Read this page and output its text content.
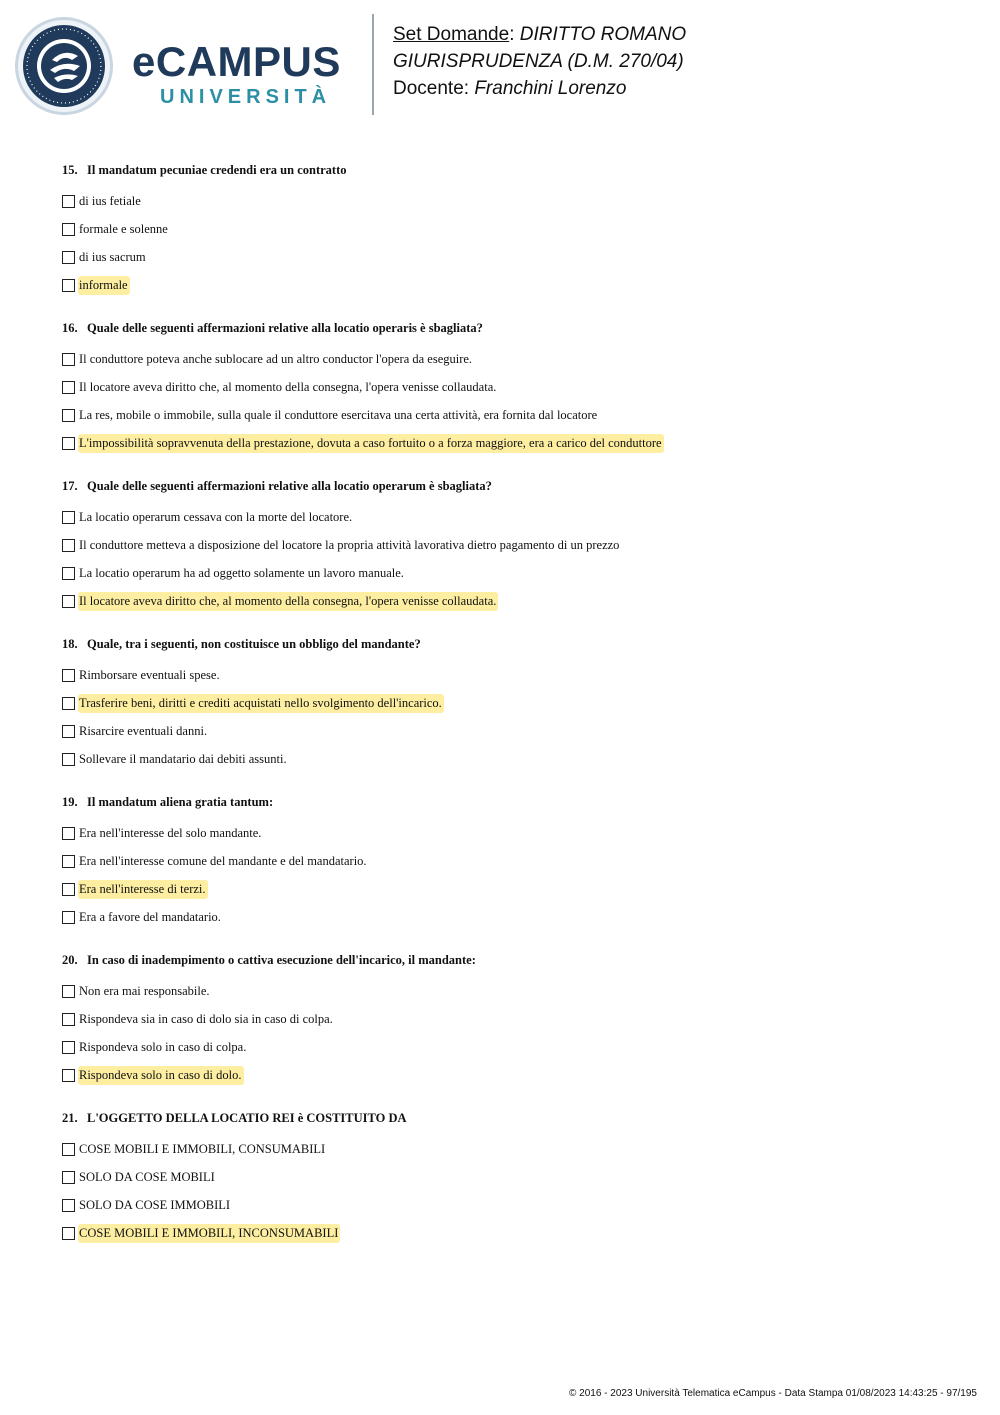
eCAMPUS
UNIVERSITÀ
Set Domande: DIRITTO ROMANO
GIURISPRUDENZA (D.M. 270/04)
Docente: Franchini Lorenzo
15. Il mandatum pecuniae credendi era un contratto
di ius fetiale
formale e solenne
di ius sacrum
informale
16. Quale delle seguenti affermazioni relative alla locatio operaris è sbagliata?
Il conduttore poteva anche sublocare ad un altro conductor l'opera da eseguire.
Il locatore aveva diritto che, al momento della consegna, l'opera venisse collaudata.
La res, mobile o immobile, sulla quale il conduttore esercitava una certa attività, era fornita dal locatore
L'impossibilità sopravvenuta della prestazione, dovuta a caso fortuito o a forza maggiore, era a carico del conduttore
17. Quale delle seguenti affermazioni relative alla locatio operarum è sbagliata?
La locatio operarum cessava con la morte del locatore.
Il conduttore metteva a disposizione del locatore la propria attività lavorativa dietro pagamento di un prezzo
La locatio operarum ha ad oggetto solamente un lavoro manuale.
Il locatore aveva diritto che, al momento della consegna, l'opera venisse collaudata.
18. Quale, tra i seguenti, non costituisce un obbligo del mandante?
Rimborsare eventuali spese.
Trasferire beni, diritti e crediti acquistati nello svolgimento dell'incarico.
Risarcire eventuali danni.
Sollevare il mandatario dai debiti assunti.
19. Il mandatum aliena gratia tantum:
Era nell'interesse del solo mandante.
Era nell'interesse comune del mandante e del mandatario.
Era nell'interesse di terzi.
Era a favore del mandatario.
20. In caso di inadempimento o cattiva esecuzione dell'incarico, il mandante:
Non era mai responsabile.
Rispondeva sia in caso di dolo sia in caso di colpa.
Rispondeva solo in caso di colpa.
Rispondeva solo in caso di dolo.
21. L'OGGETTO DELLA LOCATIO REI è COSTITUITO DA
COSE MOBILI E IMMOBILI, CONSUMABILI
SOLO DA COSE MOBILI
SOLO DA COSE IMMOBILI
COSE MOBILI E IMMOBILI, INCONSUMABILI
© 2016 - 2023 Università Telematica eCampus - Data Stampa 01/08/2023 14:43:25 - 97/195
